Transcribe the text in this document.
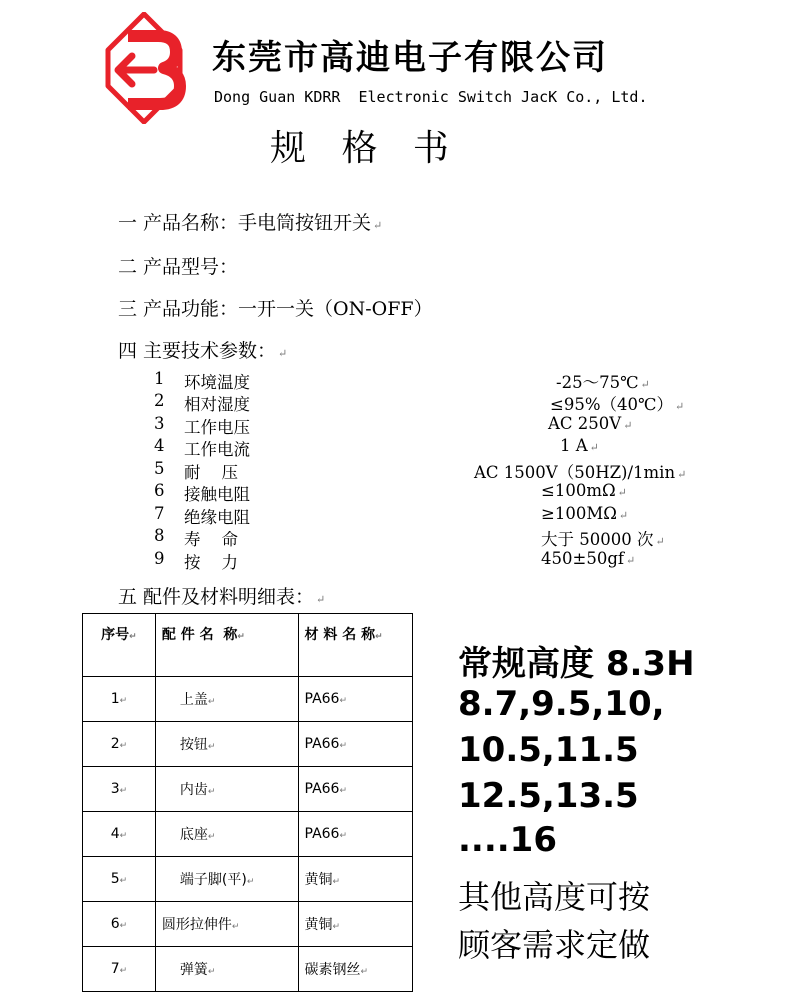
东莞市高迪电子有限公司
Dong Guan KDRR  Electronic Switch JacK Co., Ltd.
规 格 书
一 产品名称：手电筒按钮开关 ↵
二 产品型号：
三 产品功能：一开一关（ON-OFF）
四 主要技术参数： ↵
1	环境温度	-25～75℃ ↵
2	相对湿度	≤95%（40℃） ↵
3	工作电压	AC 250V ↵
4	工作电流	1 A ↵
5	耐    压	AC 1500V（50HZ)/1min ↵
6	接触电阻	≤100mΩ ↵
7	绝缘电阻	≥100MΩ ↵
8	寿    命	大于 50000 次 ↵
9	按    力	450±50gf ↵
五 配件及材料明细表： ↵
序号↵	配 件 名  称↵	材 料 名 称↵
1↵	上盖↵	PA66↵
2↵	按钮↵	PA66↵
3↵	内齿↵	PA66↵
4↵	底座↵	PA66↵
5↵	端子脚(平)↵	黄铜↵
6↵	圆形拉伸件↵	黄铜↵
7↵	弹簧↵	碳素钢丝↵
常规高度 8.3H
8.7,9.5,10,
10.5,11.5
12.5,13.5
....16
其他高度可按
顾客需求定做
